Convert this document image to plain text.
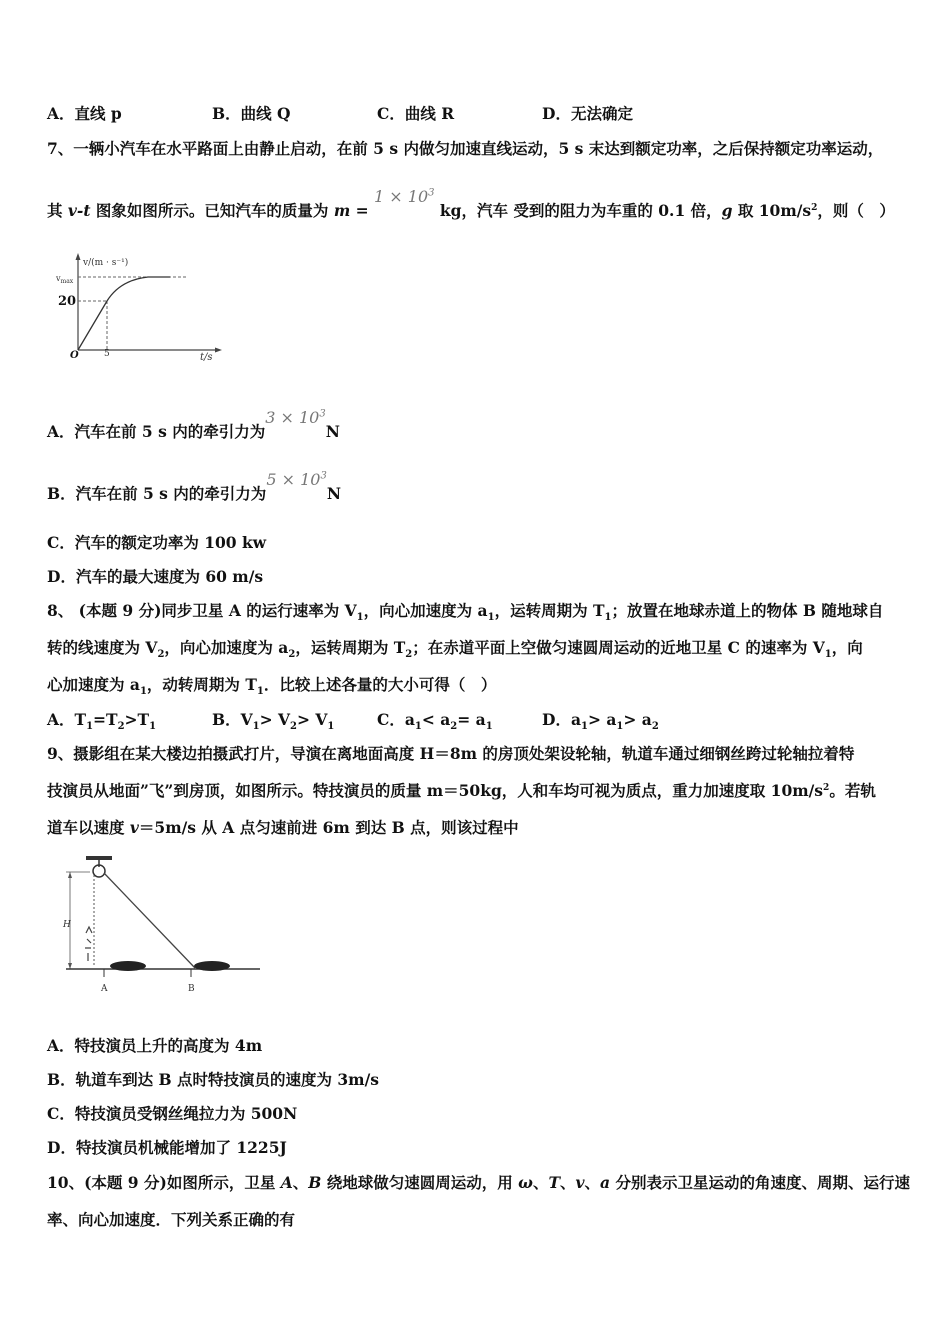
A．直线 p	B．曲线 Q	C．曲线 R	D．无法确定
7、一辆小汽车在水平路面上由静止启动，在前 5 s 内做匀加速直线运动，5 s 末达到额定功率，之后保持额定功率运动，
其 v-t 图象如图所示。已知汽车的质量为 $m = 1 \times 10^3$ kg，汽车 受到的阻力为车重的 0.1 倍，g 取 $10m/s^2$，则（　）
v/(m · s⁻¹)
$v_{max}$
20
O	5	t/s
A．汽车在前 5 s 内的牵引力为$3 \times 10^3N$
B．汽车在前 5 s 内的牵引力为$5 \times 10^3N$
C．汽车的额定功率为 100 kw
D．汽车的最大速度为 60 m/s
8、 (本题 9 分)同步卫星 A 的运行速率为 $V_1$，向心加速度为 $a_1$，运转周期为 $T_1$；放置在地球赤道上的物体 B 随地球自
转的线速度为 $V_2$，向心加速度为 $a_2$，运转周期为 $T_2$；在赤道平面上空做匀速圆周运动的近地卫星 C 的速率为 $V_1$，向
心加速度为 $a_1$，动转周期为 $T_1$．比较上述各量的大小可得（　）
A．$T_1=T_2>T_1$	B．$V_1> V_2> V_1$	C．$a_1< a_2= a_1$	D．$a_1> a_1> a_2$
9、摄影组在某大楼边拍摄武打片，导演在离地面高度 H＝8m 的房顶处架设轮轴，轨道车通过细钢丝跨过轮轴拉着特
技演员从地面”飞”到房顶，如图所示。特技演员的质量 m＝50kg，人和车均可视为质点，重力加速度取 $10m/s^2$。若轨
道车以速度 v＝5m/s 从 A 点匀速前进 6m 到达 B 点，则该过程中
H
A	B
A．特技演员上升的高度为 4m
B．轨道车到达 B 点时特技演员的速度为 3m/s
C．特技演员受钢丝绳拉力为 500N
D．特技演员机械能增加了 1225J
10、(本题 9 分)如图所示，卫星 A、B 绕地球做匀速圆周运动，用 ω、T、v、a 分别表示卫星运动的角速度、周期、运行速
率、向心加速度．下列关系正确的有
